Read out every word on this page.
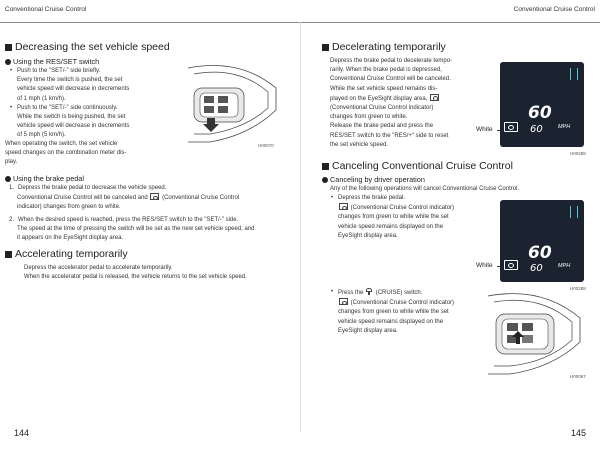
Conventional Cruise Control
Decreasing the set vehicle speed
Using the RES/SET switch

• Push to the "SET/-" side briefly.

Every time the switch is pushed, the set

vehicle speed will decrease in decrements

of 1 mph (1 km/h).

• Push to the "SET/-" side continuously.

While the switch is being pushed, the set

vehicle speed will decrease in decrements

of 5 mph (5 km/h).

When operating the switch, the set vehicle

speed changes on the combination meter dis-

play.

H00070
Using the brake pedal

1. Depress the brake pedal to decrease the vehicle speed.

Conventional Cruise Control will be canceled and (Conventional Cruise Control

indicator) changes from green to white.

2. When the desired speed is reached, press the RES/SET switch to the "SET/-" side.

The speed at the time of pressing the switch will be set as the new set vehicle speed, and

it appears on the EyeSight display area.

Accelerating temporarily

Depress the accelerator pedal to accelerate temporarily.

When the accelerator pedal is released, the vehicle returns to the set vehicle speed.

144
Conventional Cruise Control
Decelerating temporarily

Depress the brake pedal to decelerate tempo-

rarily. When the brake pedal is depressed,

Conventional Cruise Control will be canceled.

While the set vehicle speed remains dis-

played on the EyeSight display area,

(Conventional Cruise Control indicator)

changes from green to white.

Release the brake pedal and press the

RES/SET switch to the "RES/+" side to reset

the set vehicle speed.

White
60
60	MPH
H00288
Canceling Conventional Cruise Control
Canceling by driver operation
Any of the following operations will cancel Conventional Cruise Control.

• Depress the brake pedal.

(Conventional Cruise Control indicator)

changes from green to white while the set

vehicle speed remains displayed on the

EyeSight display area.

White
60
60	MPH
H00288

• Press the (CRUISE) switch.

(Conventional Cruise Control indicator)

changes from green to white while the set

vehicle speed remains displayed on the

EyeSight display area.

H00067
145
